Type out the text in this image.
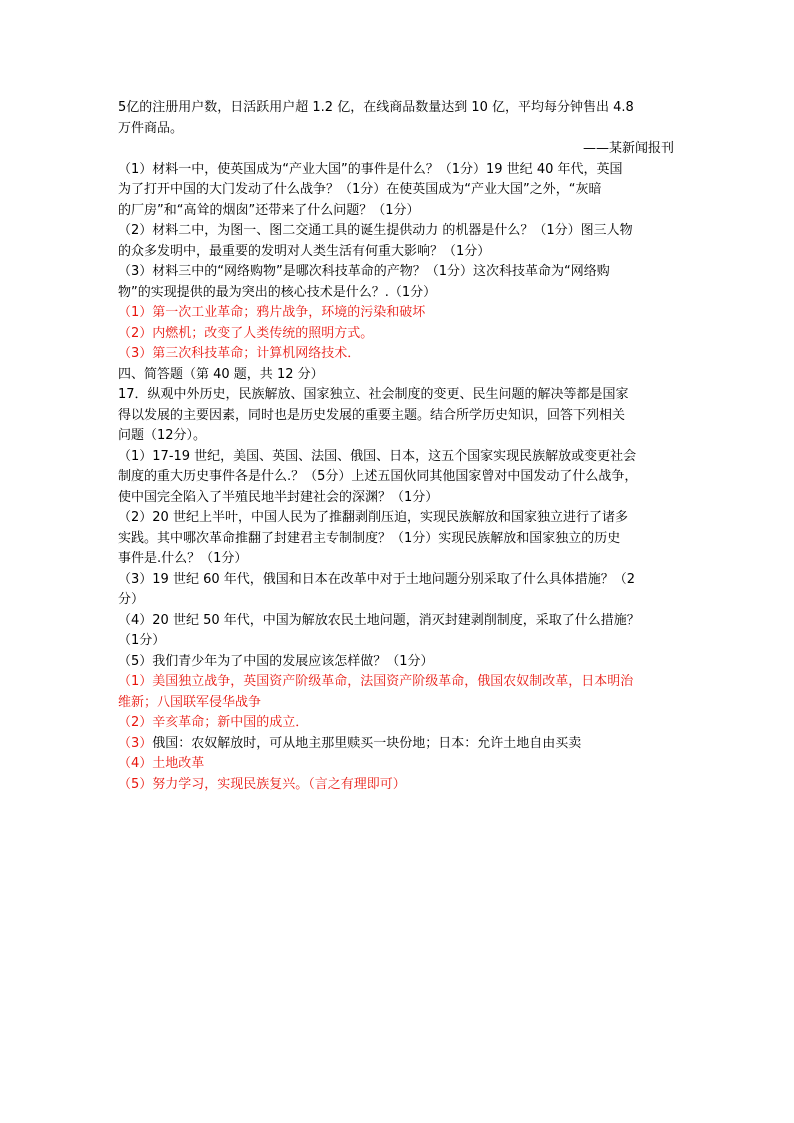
5亿的注册用户数，日活跃用户超 1.2 亿，在线商品数量达到 10 亿，平均每分钟售出 4.8
万件商品。
——某新闻报刊
（1）材料一中，使英国成为“产业大国”的事件是什么？（1分）19 世纪 40 年代，英国
为了打开中国的大门发动了什么战争？（1分）在使英国成为“产业大国”之外，“灰暗
的厂房”和“高耸的烟囱”还带来了什么问题？（1分）
（2）材料二中，为图一、图二交通工具的诞生提供动力 的机器是什么？（1分）图三人物
的众多发明中，最重要的发明对人类生活有何重大影响？（1分）
（3）材料三中的“网络购物”是哪次科技革命的产物？（1分）这次科技革命为“网络购
物”的实现提供的最为突出的核心技术是什么？.（1分）
（1）第一次工业革命；鸦片战争，环境的污染和破坏
（2）内燃机；改变了人类传统的照明方式。
（3）第三次科技革命；计算机网络技术．
四、简答题（第 40 题，共 12 分）
17．纵观中外历史，民族解放、国家独立、社会制度的变更、民生问题的解决等都是国家
得以发展的主要因素，同时也是历史发展的重要主题。结合所学历史知识，回答下列相关
问题（12分）。
（1）17-19 世纪，美国、英国、法国、俄国、日本，这五个国家实现民族解放或变更社会
制度的重大历史事件各是什么.？（5分）上述五国伙同其他国家曾对中国发动了什么战争，
使中国完全陷入了半殖民地半封建社会的深渊？（1分）
（2）20 世纪上半叶，中国人民为了推翻剥削压迫，实现民族解放和国家独立进行了诸多
实践。其中哪次革命推翻了封建君主专制制度？（1分）实现民族解放和国家独立的历史
事件是.什么？（1分）
（3）19 世纪 60 年代，俄国和日本在改革中对于土地问题分别采取了什么具体措施？（2
分）
（4）20 世纪 50 年代，中国为解放农民土地问题，消灭封建剥削制度，采取了什么措施？
（1分）
（5）我们青少年为了中国的发展应该怎样做？（1分）
（1）美国独立战争，英国资产阶级革命，法国资产阶级革命，俄国农奴制改革，日本明治
维新；八国联军侵华战争
（2）辛亥革命；新中国的成立．
（3）俄国：农奴解放时，可从地主那里赎买一块份地；日本：允许土地自由买卖
（4）土地改革
（5）努力学习，实现民族复兴。（言之有理即可）
